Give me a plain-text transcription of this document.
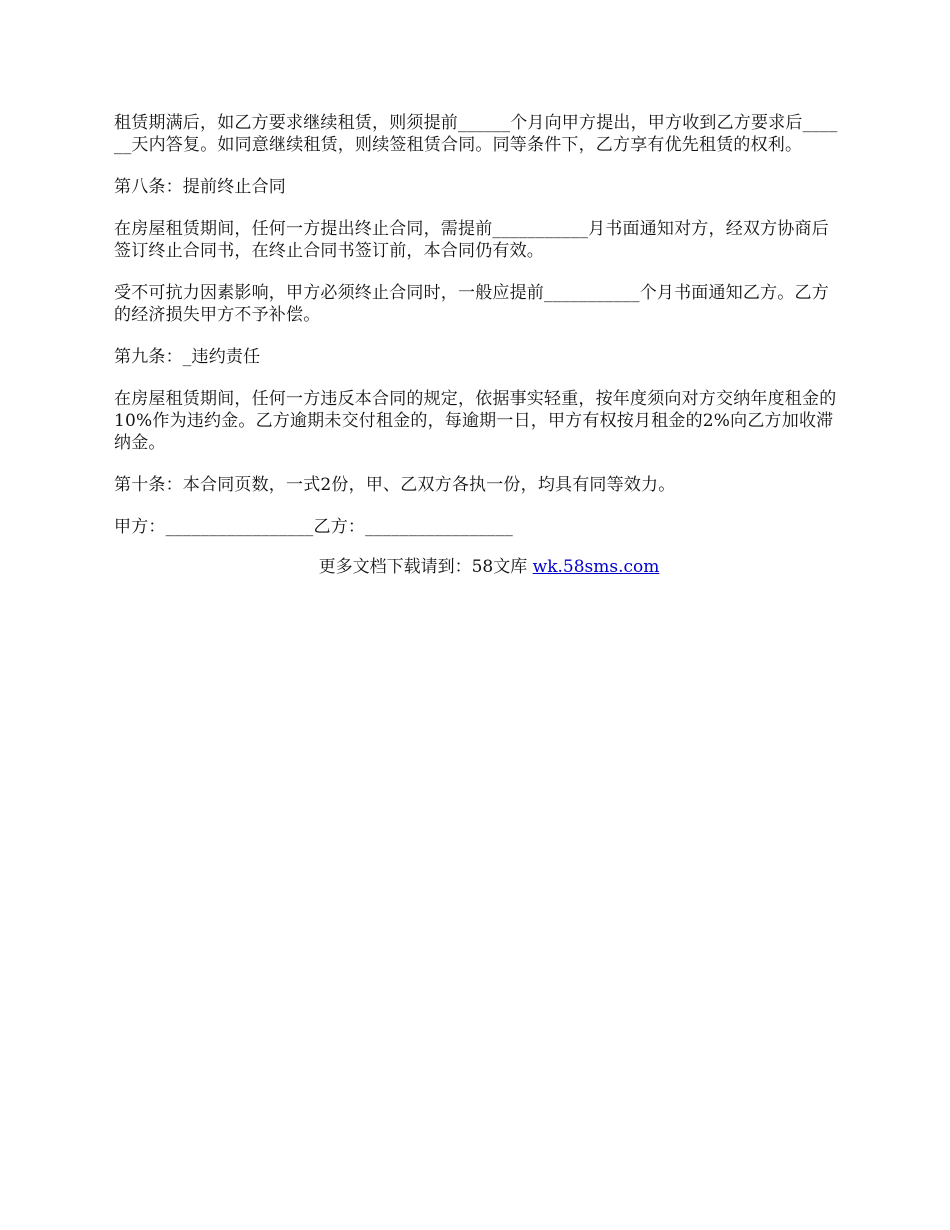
租赁期满后，如乙方要求继续租赁，则须提前______个月向甲方提出，甲方收到乙方要求后______天内答复。如同意继续租赁，则续签租赁合同。同等条件下，乙方享有优先租赁的权利。

第八条：提前终止合同

在房屋租赁期间，任何一方提出终止合同，需提前___________月书面通知对方，经双方协商后签订终止合同书，在终止合同书签订前，本合同仍有效。

受不可抗力因素影响，甲方必须终止合同时，一般应提前___________个月书面通知乙方。乙方的经济损失甲方不予补偿。

第九条：_违约责任

在房屋租赁期间，任何一方违反本合同的规定，依据事实轻重，按年度须向对方交纳年度租金的10%作为违约金。乙方逾期未交付租金的，每逾期一日，甲方有权按月租金的2%向乙方加收滞纳金。

第十条：本合同页数，一式2份，甲、乙双方各执一份，均具有同等效力。

甲方：_________________乙方：_________________

更多文档下载请到：58文库 wk.58sms.com
